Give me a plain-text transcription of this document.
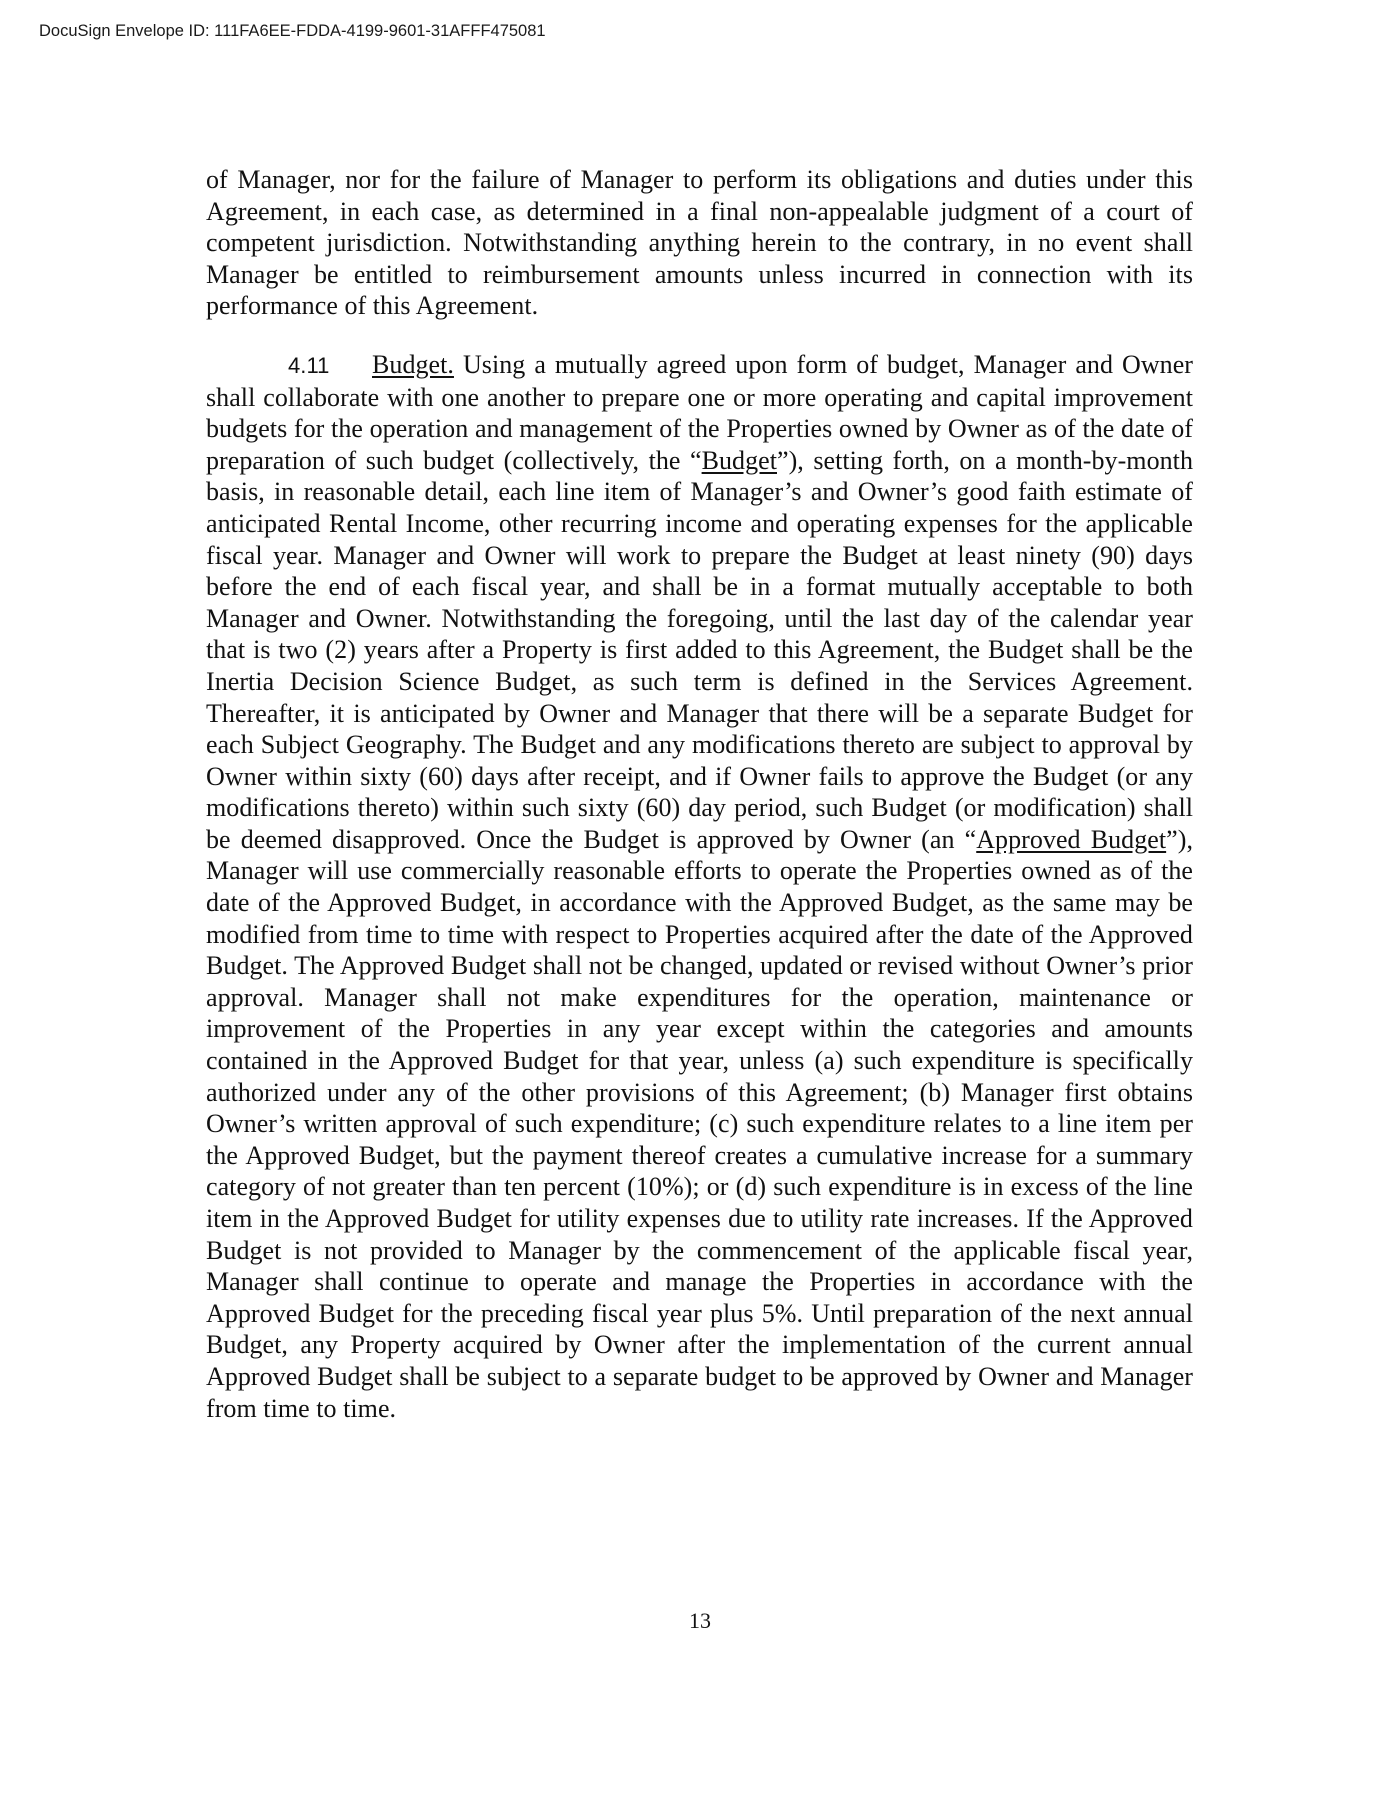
DocuSign Envelope ID: 111FA6EE-FDDA-4199-9601-31AFFF475081

of Manager, nor for the failure of Manager to perform its obligations and duties under this Agreement, in each case, as determined in a final non-appealable judgment of a court of competent jurisdiction. Notwithstanding anything herein to the contrary, in no event shall Manager be entitled to reimbursement amounts unless incurred in connection with its performance of this Agreement.

4.11 Budget. Using a mutually agreed upon form of budget, Manager and Owner shall collaborate with one another to prepare one or more operating and capital improvement budgets for the operation and management of the Properties owned by Owner as of the date of preparation of such budget (collectively, the “Budget”), setting forth, on a month-by-month basis, in reasonable detail, each line item of Manager’s and Owner’s good faith estimate of anticipated Rental Income, other recurring income and operating expenses for the applicable fiscal year. Manager and Owner will work to prepare the Budget at least ninety (90) days before the end of each fiscal year, and shall be in a format mutually acceptable to both Manager and Owner. Notwithstanding the foregoing, until the last day of the calendar year that is two (2) years after a Property is first added to this Agreement, the Budget shall be the Inertia Decision Science Budget, as such term is defined in the Services Agreement. Thereafter, it is anticipated by Owner and Manager that there will be a separate Budget for each Subject Geography. The Budget and any modifications thereto are subject to approval by Owner within sixty (60) days after receipt, and if Owner fails to approve the Budget (or any modifications thereto) within such sixty (60) day period, such Budget (or modification) shall be deemed disapproved. Once the Budget is approved by Owner (an “Approved Budget”), Manager will use commercially reasonable efforts to operate the Properties owned as of the date of the Approved Budget, in accordance with the Approved Budget, as the same may be modified from time to time with respect to Properties acquired after the date of the Approved Budget. The Approved Budget shall not be changed, updated or revised without Owner’s prior approval. Manager shall not make expenditures for the operation, maintenance or improvement of the Properties in any year except within the categories and amounts contained in the Approved Budget for that year, unless (a) such expenditure is specifically authorized under any of the other provisions of this Agreement; (b) Manager first obtains Owner’s written approval of such expenditure; (c) such expenditure relates to a line item per the Approved Budget, but the payment thereof creates a cumulative increase for a summary category of not greater than ten percent (10%); or (d) such expenditure is in excess of the line item in the Approved Budget for utility expenses due to utility rate increases. If the Approved Budget is not provided to Manager by the commencement of the applicable fiscal year, Manager shall continue to operate and manage the Properties in accordance with the Approved Budget for the preceding fiscal year plus 5%. Until preparation of the next annual Budget, any Property acquired by Owner after the implementation of the current annual Approved Budget shall be subject to a separate budget to be approved by Owner and Manager from time to time.

13
